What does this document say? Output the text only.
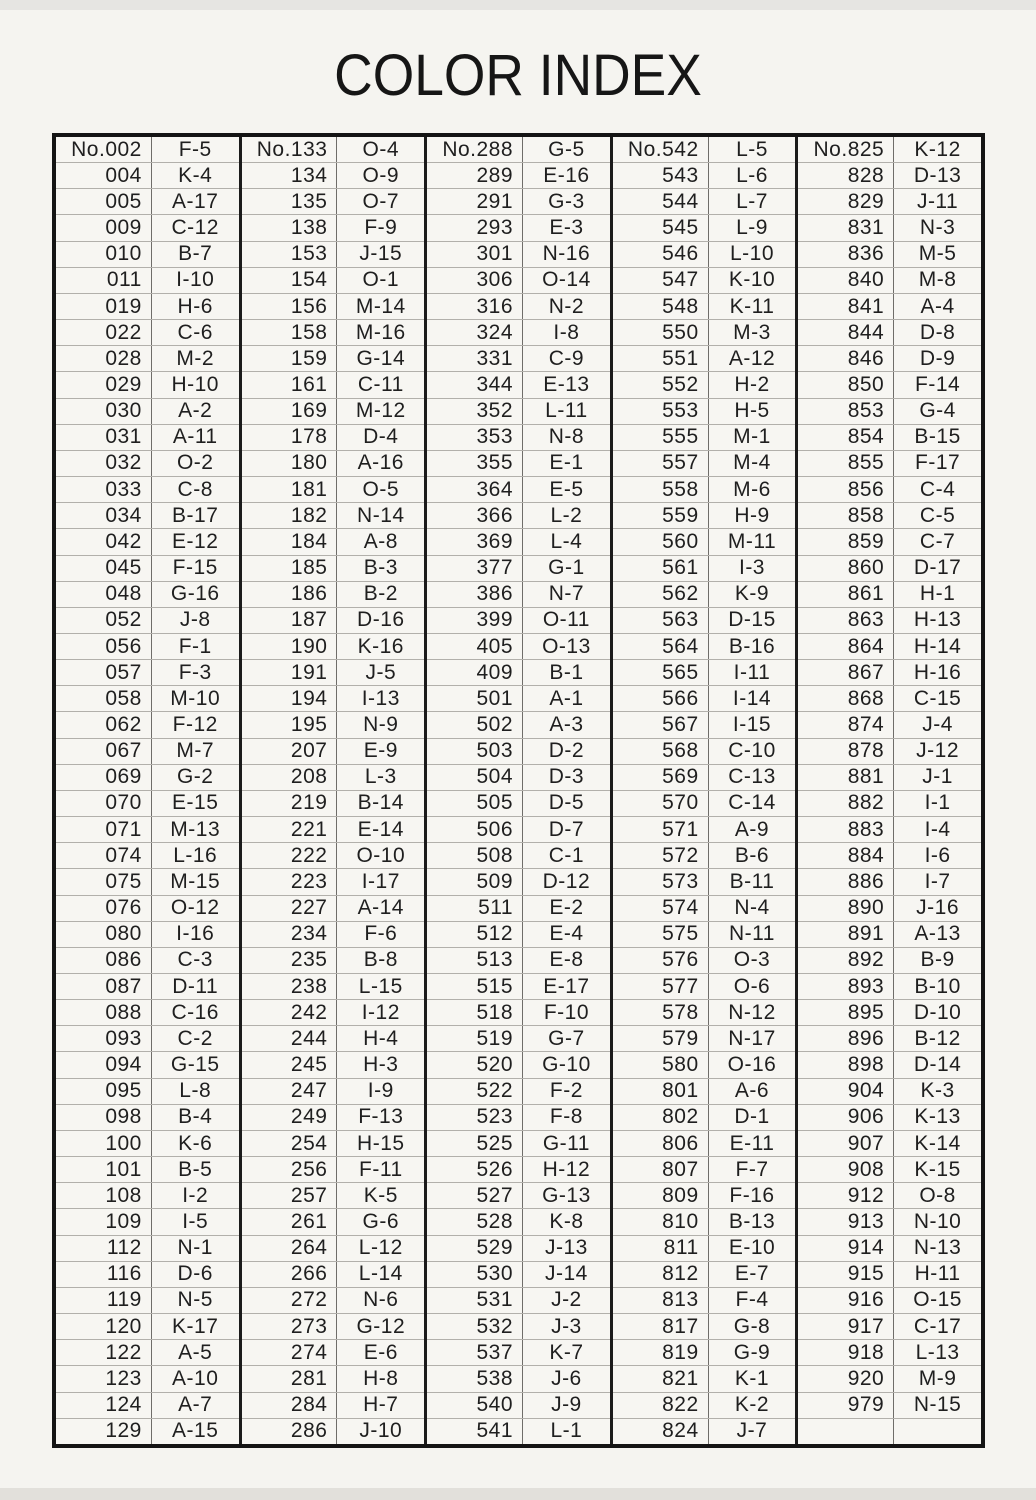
COLOR INDEX
No.002	F-5
004	K-4
005	A-17
009	C-12
010	B-7
011	I-10
019	H-6
022	C-6
028	M-2
029	H-10
030	A-2
031	A-11
032	O-2
033	C-8
034	B-17
042	E-12
045	F-15
048	G-16
052	J-8
056	F-1
057	F-3
058	M-10
062	F-12
067	M-7
069	G-2
070	E-15
071	M-13
074	L-16
075	M-15
076	O-12
080	I-16
086	C-3
087	D-11
088	C-16
093	C-2
094	G-15
095	L-8
098	B-4
100	K-6
101	B-5
108	I-2
109	I-5
112	N-1
116	D-6
119	N-5
120	K-17
122	A-5
123	A-10
124	A-7
129	A-15
No.133	O-4
134	O-9
135	O-7
138	F-9
153	J-15
154	O-1
156	M-14
158	M-16
159	G-14
161	C-11
169	M-12
178	D-4
180	A-16
181	O-5
182	N-14
184	A-8
185	B-3
186	B-2
187	D-16
190	K-16
191	J-5
194	I-13
195	N-9
207	E-9
208	L-3
219	B-14
221	E-14
222	O-10
223	I-17
227	A-14
234	F-6
235	B-8
238	L-15
242	I-12
244	H-4
245	H-3
247	I-9
249	F-13
254	H-15
256	F-11
257	K-5
261	G-6
264	L-12
266	L-14
272	N-6
273	G-12
274	E-6
281	H-8
284	H-7
286	J-10
No.288	G-5
289	E-16
291	G-3
293	E-3
301	N-16
306	O-14
316	N-2
324	I-8
331	C-9
344	E-13
352	L-11
353	N-8
355	E-1
364	E-5
366	L-2
369	L-4
377	G-1
386	N-7
399	O-11
405	O-13
409	B-1
501	A-1
502	A-3
503	D-2
504	D-3
505	D-5
506	D-7
508	C-1
509	D-12
511	E-2
512	E-4
513	E-8
515	E-17
518	F-10
519	G-7
520	G-10
522	F-2
523	F-8
525	G-11
526	H-12
527	G-13
528	K-8
529	J-13
530	J-14
531	J-2
532	J-3
537	K-7
538	J-6
540	J-9
541	L-1
No.542	L-5
543	L-6
544	L-7
545	L-9
546	L-10
547	K-10
548	K-11
550	M-3
551	A-12
552	H-2
553	H-5
555	M-1
557	M-4
558	M-6
559	H-9
560	M-11
561	I-3
562	K-9
563	D-15
564	B-16
565	I-11
566	I-14
567	I-15
568	C-10
569	C-13
570	C-14
571	A-9
572	B-6
573	B-11
574	N-4
575	N-11
576	O-3
577	O-6
578	N-12
579	N-17
580	O-16
801	A-6
802	D-1
806	E-11
807	F-7
809	F-16
810	B-13
811	E-10
812	E-7
813	F-4
817	G-8
819	G-9
821	K-1
822	K-2
824	J-7
No.825	K-12
828	D-13
829	J-11
831	N-3
836	M-5
840	M-8
841	A-4
844	D-8
846	D-9
850	F-14
853	G-4
854	B-15
855	F-17
856	C-4
858	C-5
859	C-7
860	D-17
861	H-1
863	H-13
864	H-14
867	H-16
868	C-15
874	J-4
878	J-12
881	J-1
882	I-1
883	I-4
884	I-6
886	I-7
890	J-16
891	A-13
892	B-9
893	B-10
895	D-10
896	B-12
898	D-14
904	K-3
906	K-13
907	K-14
908	K-15
912	O-8
913	N-10
914	N-13
915	H-11
916	O-15
917	C-17
918	L-13
920	M-9
979	N-15
